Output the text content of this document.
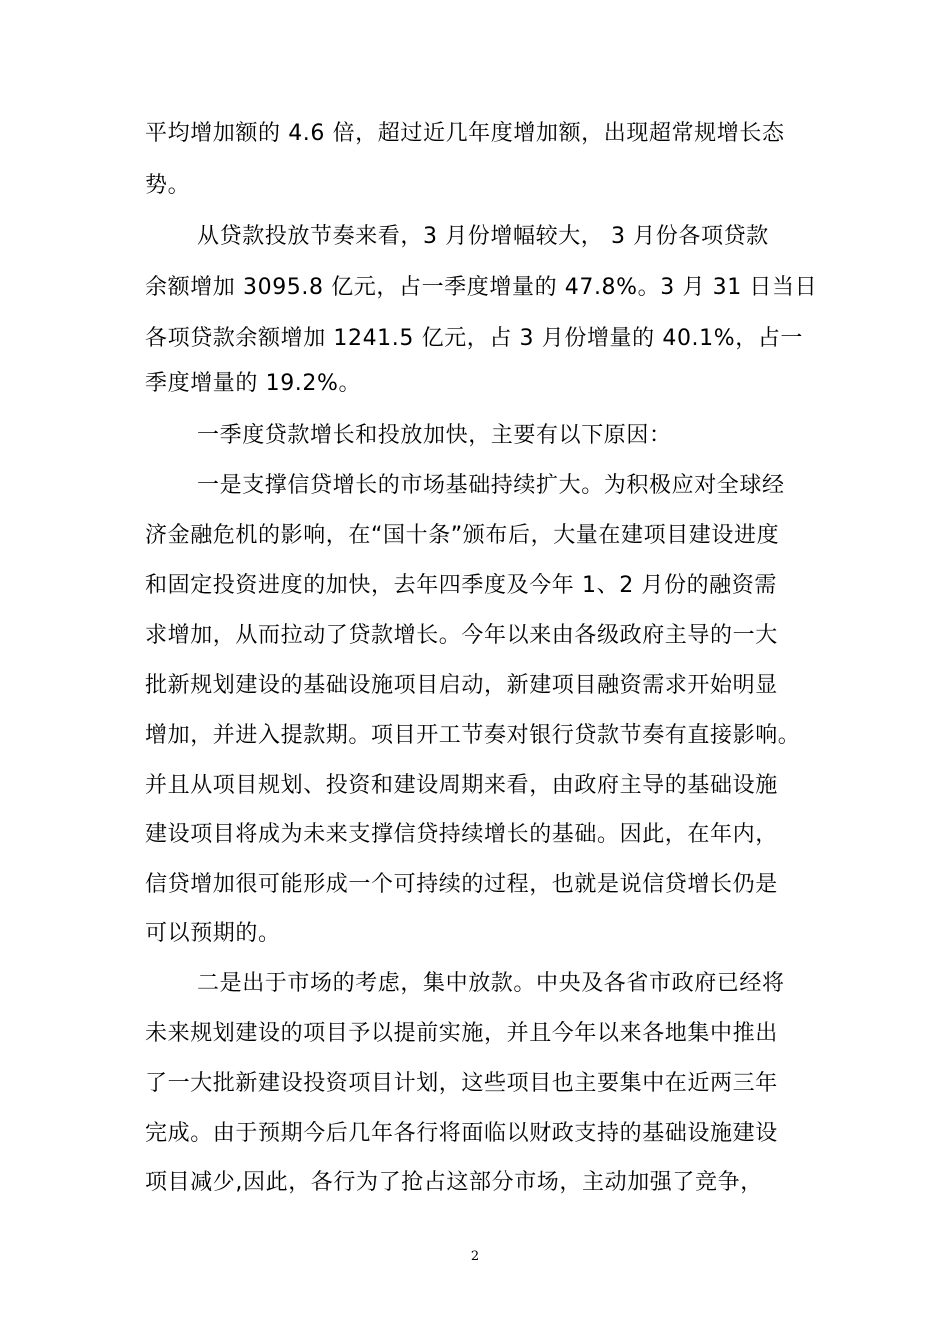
平均增加额的 4.6 倍，超过近几年度增加额，出现超常规增长态
势。
从贷款投放节奏来看，3 月份增幅较大， 3 月份各项贷款
余额增加 3095.8 亿元，占一季度增量的 47.8%。3 月 31 日当日
各项贷款余额增加 1241.5 亿元，占 3 月份增量的 40.1%，占一
季度增量的 19.2%。
一季度贷款增长和投放加快，主要有以下原因：
一是支撑信贷增长的市场基础持续扩大。为积极应对全球经
济金融危机的影响，在“国十条”颁布后，大量在建项目建设进度
和固定投资进度的加快，去年四季度及今年 1、2 月份的融资需
求增加，从而拉动了贷款增长。今年以来由各级政府主导的一大
批新规划建设的基础设施项目启动，新建项目融资需求开始明显
增加，并进入提款期。项目开工节奏对银行贷款节奏有直接影响。
并且从项目规划、投资和建设周期来看，由政府主导的基础设施
建设项目将成为未来支撑信贷持续增长的基础。因此，在年内，
信贷增加很可能形成一个可持续的过程，也就是说信贷增长仍是
可以预期的。
二是出于市场的考虑，集中放款。中央及各省市政府已经将
未来规划建设的项目予以提前实施，并且今年以来各地集中推出
了一大批新建设投资项目计划，这些项目也主要集中在近两三年
完成。由于预期今后几年各行将面临以财政支持的基础设施建设
项目减少,因此，各行为了抢占这部分市场，主动加强了竞争，
2
